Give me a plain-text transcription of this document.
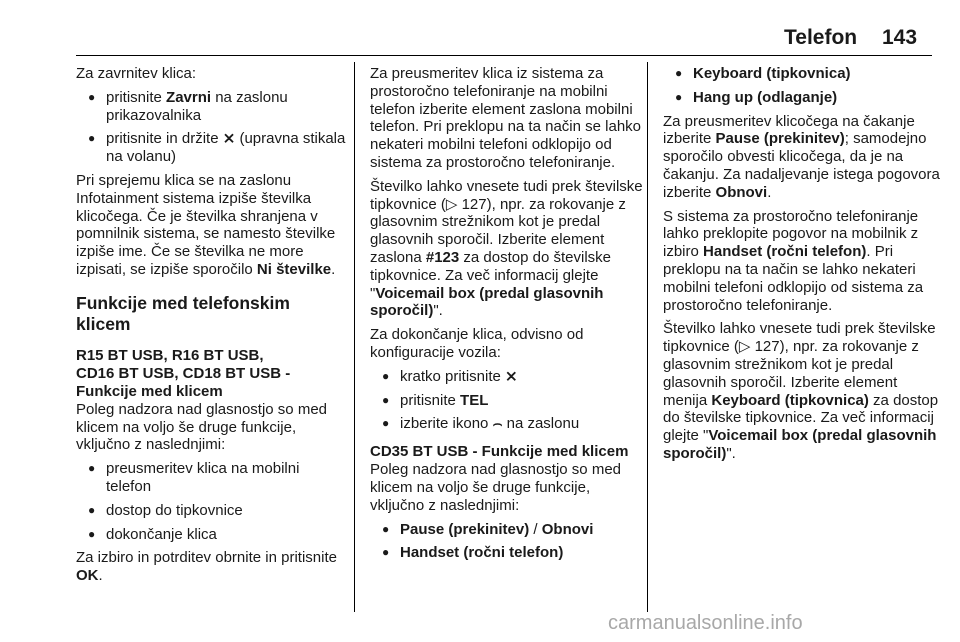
Telefon 143

Za zavrnitev klica:

● pritisnite Zavrni na zaslonu prikazovalnika
● pritisnite in držite ⨯ (upravna stikala na volanu)

Pri sprejemu klica se na zaslonu Infotainment sistema izpiše številka klicočega. Če je številka shranjena v pomnilnik sistema, se namesto številke izpiše ime. Če se številka ne more izpisati, se izpiše sporočilo Ni številke.

Funkcije med telefonskim klicem
R15 BT USB, R16 BT USB,
CD16 BT USB, CD18 BT USB -
Funkcije med klicem

Poleg nadzora nad glasnostjo so med klicem na voljo še druge funkcije, vključno z naslednjimi:

● preusmeritev klica na mobilni telefon
● dostop do tipkovnice
● dokončanje klica

Za izbiro in potrditev obrnite in pritisnite OK.

Za preusmeritev klica iz sistema za prostoročno telefoniranje na mobilni telefon izberite element zaslona mobilni telefon. Pri preklopu na ta način se lahko nekateri mobilni telefoni odklopijo od sistema za prostoročno telefoniranje.

Številko lahko vnesete tudi prek številske tipkovnice (▷ 127), npr. za rokovanje z glasovnim strežnikom kot je predal glasovnih sporočil. Izberite element zaslona #123 za dostop do številske tipkovnice. Za več informacij glejte "Voicemail box (predal glasovnih sporočil)".

Za dokončanje klica, odvisno od konfiguracije vozila:

● kratko pritisnite ⨯
● pritisnite TEL
● izberite ikono ⌢ na zaslonu
CD35 BT USB - Funkcije med klicem

Poleg nadzora nad glasnostjo so med klicem na voljo še druge funkcije, vključno z naslednjimi:

● Pause (prekinitev) / Obnovi
● Handset (ročni telefon)
● Keyboard (tipkovnica)
● Hang up (odlaganje)

Za preusmeritev klicočega na čakanje izberite Pause (prekinitev); samodejno sporočilo obvesti klicočega, da je na čakanju. Za nadaljevanje istega pogovora izberite Obnovi.

S sistema za prostoročno telefoniranje lahko preklopite pogovor na mobilnik z izbiro Handset (ročni telefon). Pri preklopu na ta način se lahko nekateri mobilni telefoni odklopijo od sistema za prostoročno telefoniranje.

Številko lahko vnesete tudi prek številske tipkovnice (▷ 127), npr. za rokovanje z glasovnim strežnikom kot je predal glasovnih sporočil. Izberite element menija Keyboard (tipkovnica) za dostop do številske tipkovnice. Za več informacij glejte "Voicemail box (predal glasovnih sporočil)".

carmanualsonline.info
